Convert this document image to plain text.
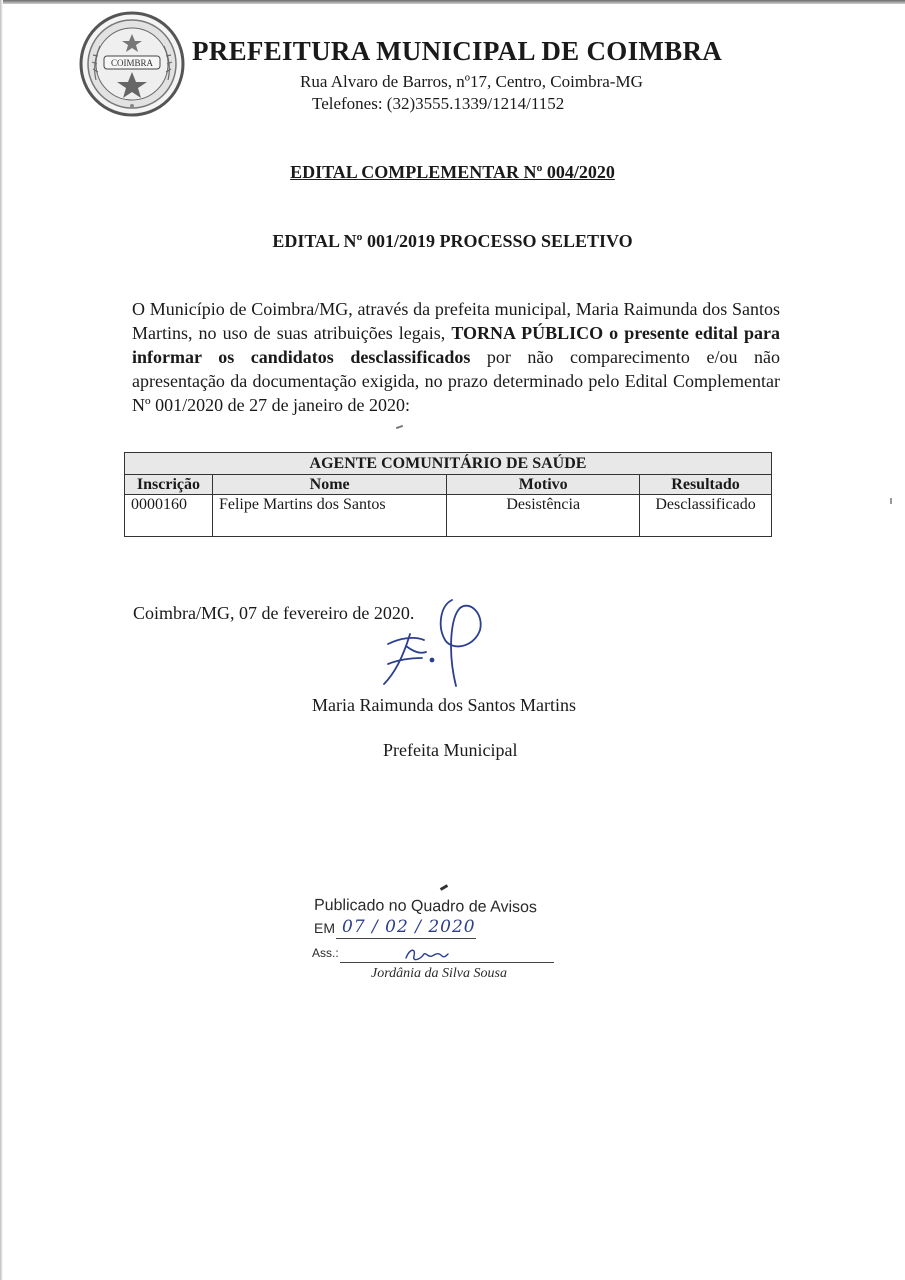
COIMBRA PREFEITURA MUNICIPAL DE COIMBRA
Rua Alvaro de Barros, nº17, Centro, Coimbra-MG
Telefones: (32)3555.1339/1214/1152
EDITAL COMPLEMENTAR Nº 004/2020
EDITAL Nº 001/2019 PROCESSO SELETIVO

O Município de Coimbra/MG, através da prefeita municipal, Maria Raimunda dos Santos Martins, no uso de suas atribuições legais, TORNA PÚBLICO o presente edital para informar os candidatos desclassificados por não comparecimento e/ou não apresentação da documentação exigida, no prazo determinado pelo Edital Complementar Nº 001/2020 de 27 de janeiro de 2020:

AGENTE COMUNITÁRIO DE SAÚDE			
Inscrição	Nome	Motivo	Resultado
0000160	Felipe Martins dos Santos	Desistência	Desclassificado
Coimbra/MG, 07 de fevereiro de 2020.
Maria Raimunda dos Santos Martins
Prefeita Municipal
Publicado no Quadro de Avisos
EM 07 / 02 / 2020
Ass.:
Jordânia da Silva Sousa
